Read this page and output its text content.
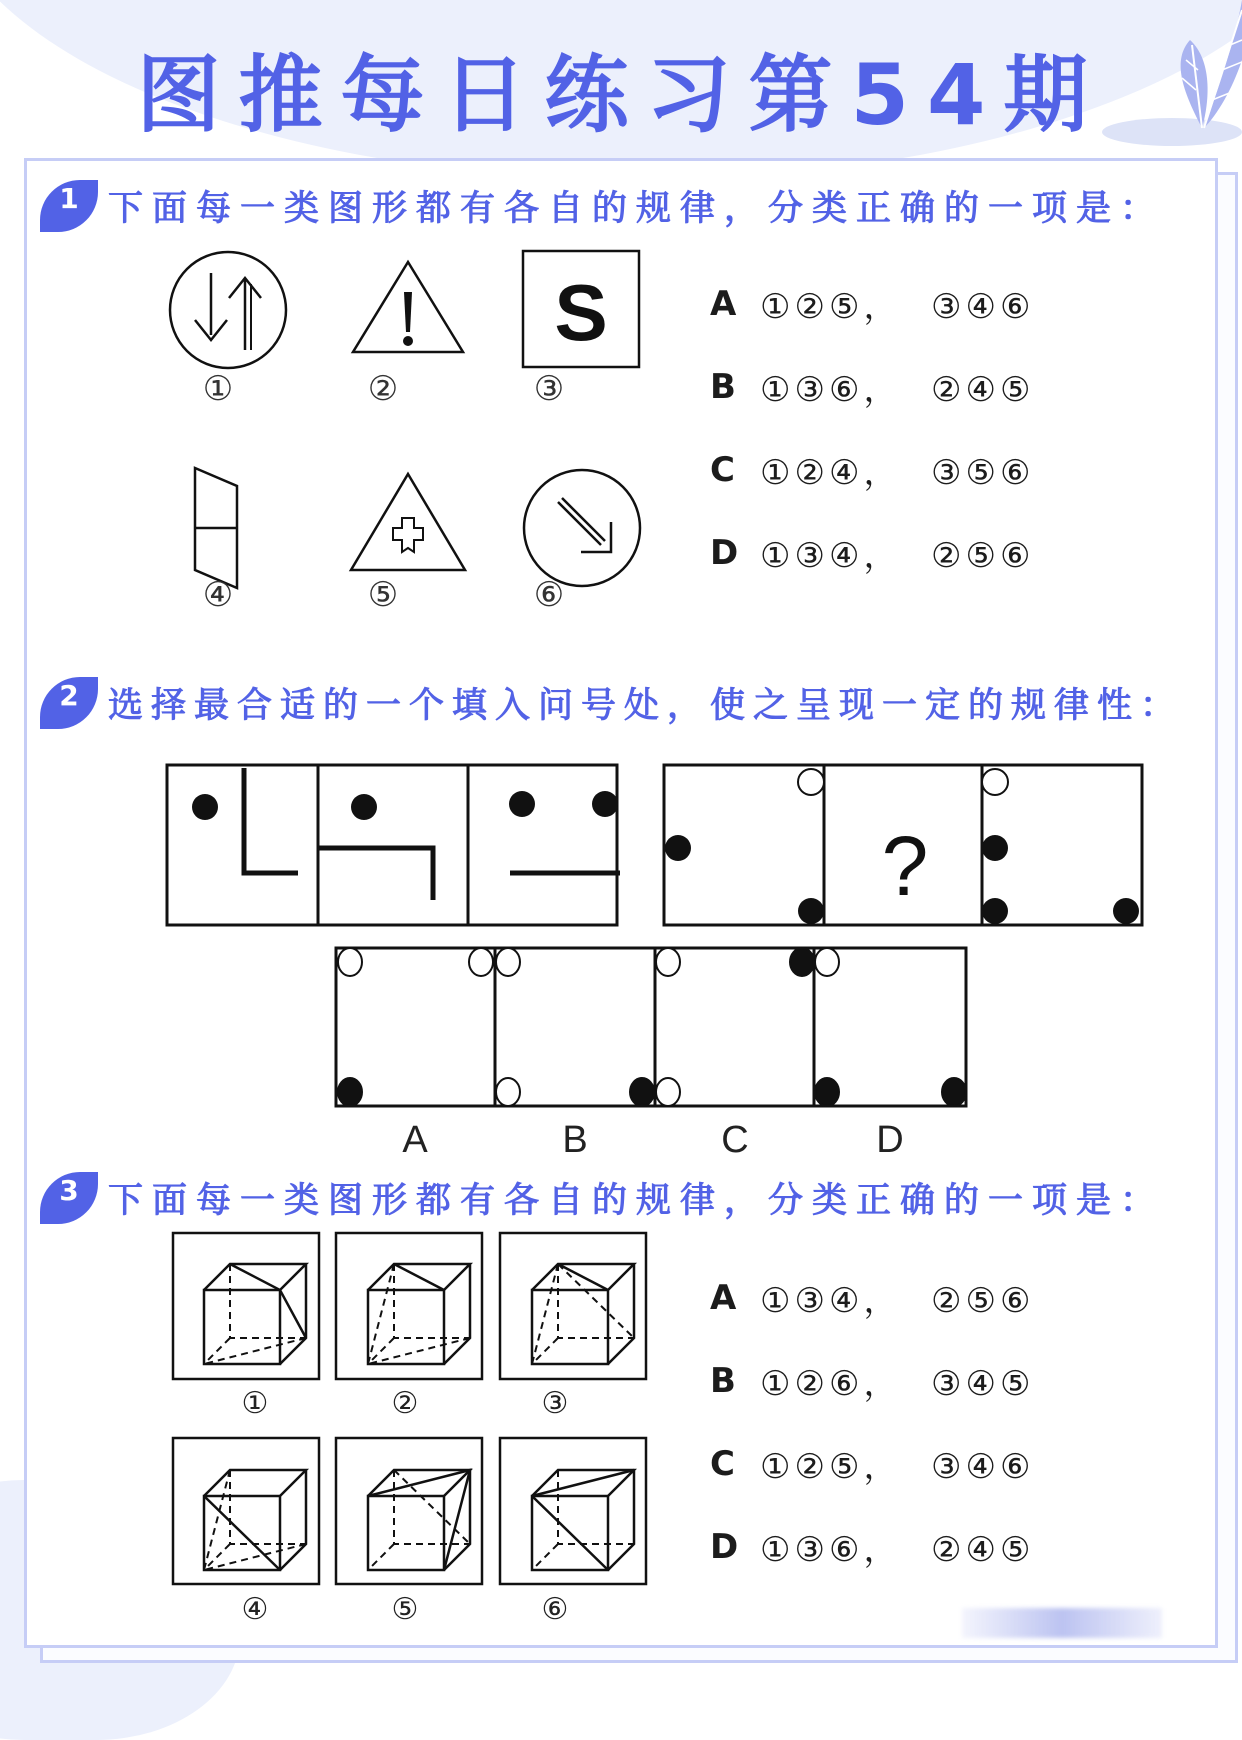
图推每日练习第54期
1 下面每一类图形都有各自的规律，分类正确的一项是：
S
①	②	③
④	⑤	⑥
A ①②⑤，  ③④⑥
B ①③⑥，  ②④⑤
C ①②④，  ③⑤⑥
D ①③④，  ②⑤⑥
2 选择最合适的一个填入问号处，使之呈现一定的规律性：
?
A	B	C	D
3 下面每一类图形都有各自的规律，分类正确的一项是：
①	②	③
④	⑤	⑥
A ①③④，  ②⑤⑥
B ①②⑥，  ③④⑤
C ①②⑤，  ③④⑥
D ①③⑥，  ②④⑤
